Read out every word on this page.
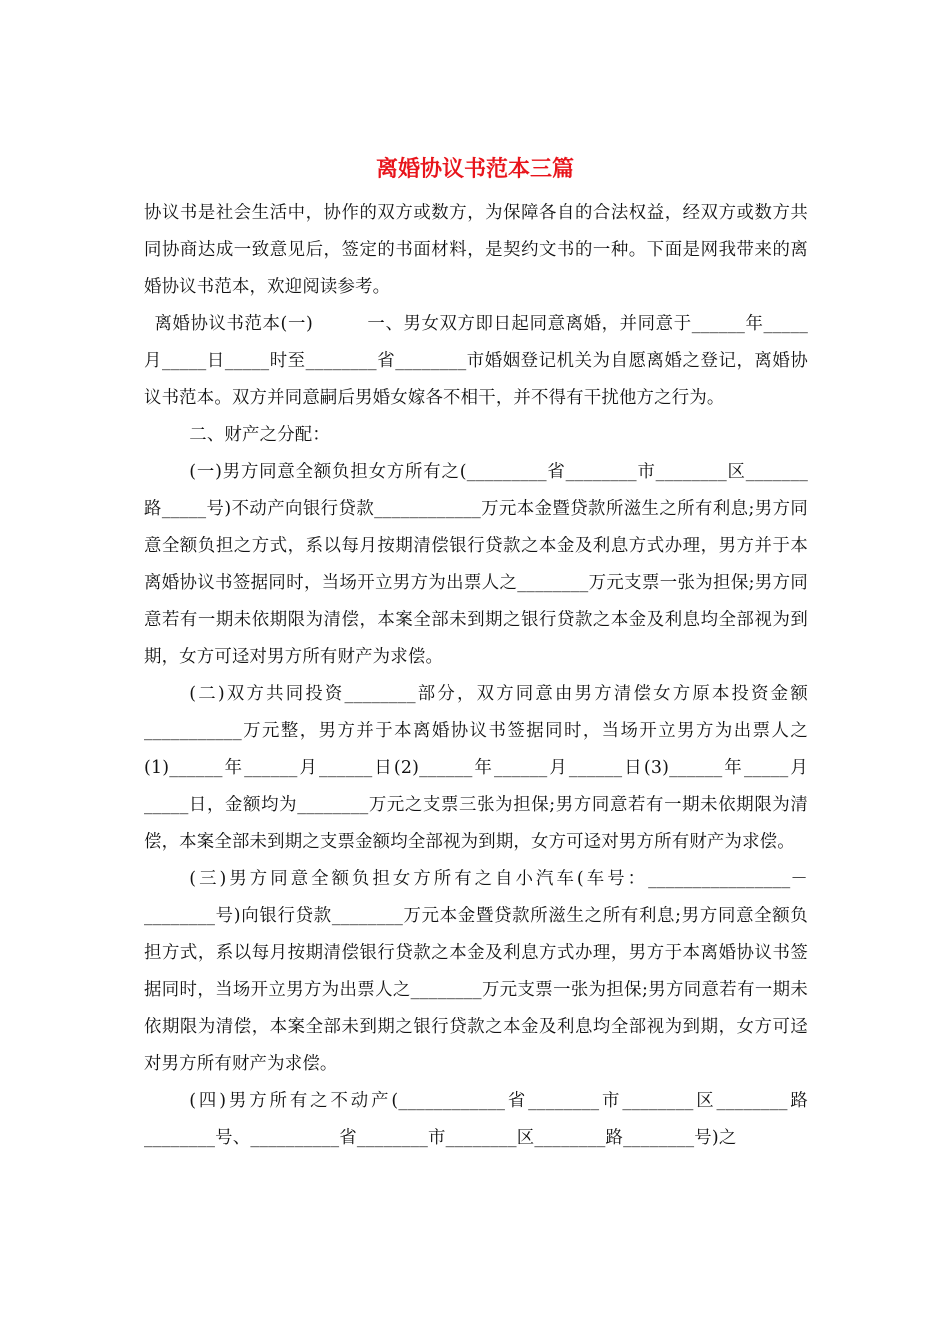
离婚协议书范本三篇

协议书是社会生活中，协作的双方或数方，为保障各自的合法权益，经双方或数方共同协商达成一致意见后，签定的书面材料，是契约文书的一种。下面是网我带来的离婚协议书范本，欢迎阅读参考。

离婚协议书范本(一)　　　一、男女双方即日起同意离婚，并同意于______年_____月_____日_____时至________省________市婚姻登记机关为自愿离婚之登记，离婚协议书范本。双方并同意嗣后男婚女嫁各不相干，并不得有干扰他方之行为。

二、财产之分配：

(一)男方同意全额负担女方所有之(_________省________市________区_______路_____号)不动产向银行贷款____________万元本金暨贷款所滋生之所有利息;男方同意全额负担之方式，系以每月按期清偿银行贷款之本金及利息方式办理，男方并于本离婚协议书签据同时，当场开立男方为出票人之________万元支票一张为担保;男方同意若有一期未依期限为清偿，本案全部未到期之银行贷款之本金及利息均全部视为到期，女方可迳对男方所有财产为求偿。

(二)双方共同投资________部分，双方同意由男方清偿女方原本投资金额___________万元整，男方并于本离婚协议书签据同时，当场开立男方为出票人之(1)______年______月______日(2)______年______月______日(3)______年_____月_____日，金额均为________万元之支票三张为担保;男方同意若有一期未依期限为清偿，本案全部未到期之支票金额均全部视为到期，女方可迳对男方所有财产为求偿。

(三)男方同意全额负担女方所有之自小汽车(车号：________________－________号)向银行贷款________万元本金暨贷款所滋生之所有利息;男方同意全额负担方式，系以每月按期清偿银行贷款之本金及利息方式办理，男方于本离婚协议书签据同时，当场开立男方为出票人之________万元支票一张为担保;男方同意若有一期未依期限为清偿，本案全部未到期之银行贷款之本金及利息均全部视为到期，女方可迳对男方所有财产为求偿。

(四)男方所有之不动产(____________省________市________区________路________号、__________省________市________区________路________号)之
